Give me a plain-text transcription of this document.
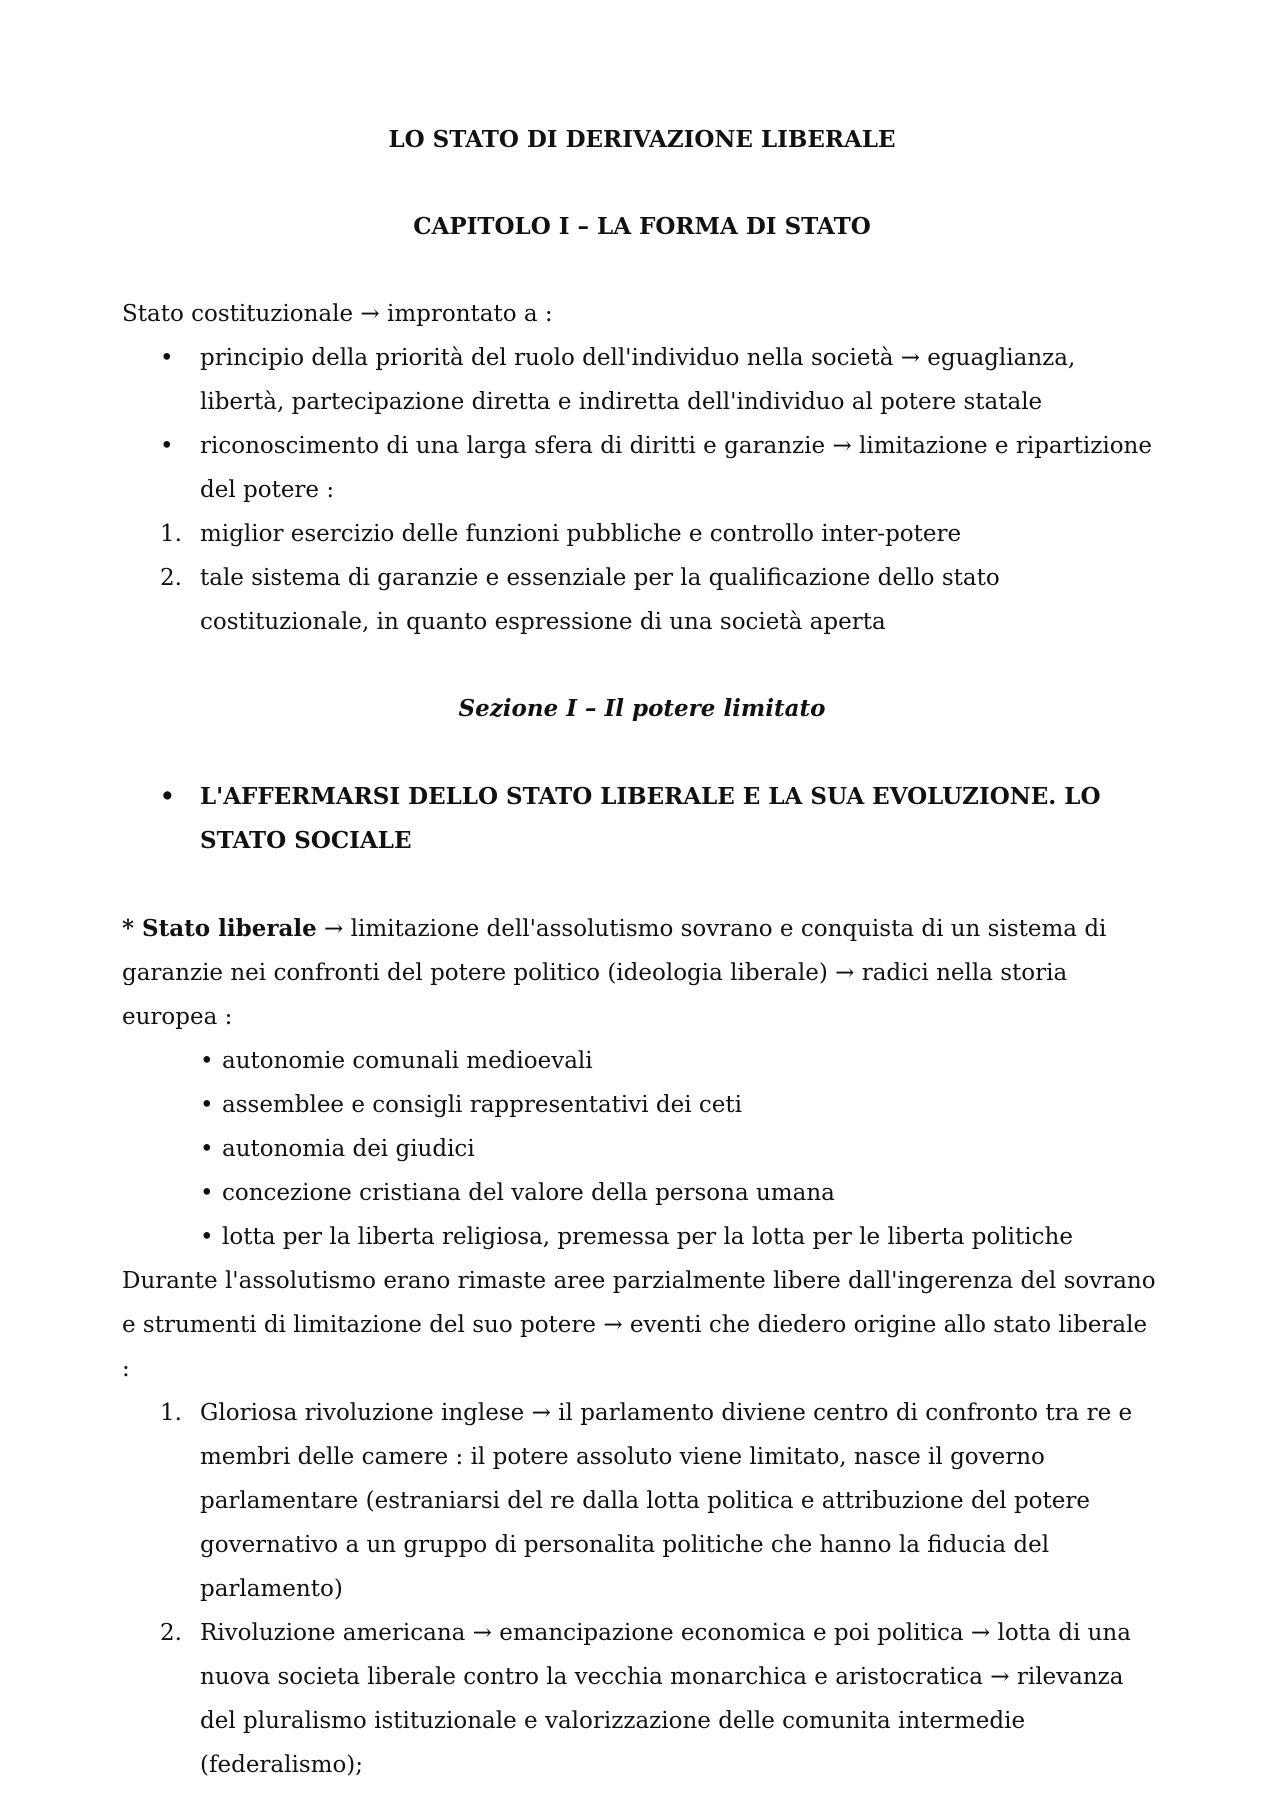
LO STATO DI DERIVAZIONE LIBERALE

CAPITOLO I – LA FORMA DI STATO

Stato costituzionale → improntato a :

• principio della priorità del ruolo dell'individuo nella società → eguaglianza, libertà, partecipazione diretta e indiretta dell'individuo al potere statale
• riconoscimento di una larga sfera di diritti e garanzie → limitazione e ripartizione del potere :
1. miglior esercizio delle funzioni pubbliche e controllo inter-potere
2. tale sistema di garanzie e essenziale per la qualificazione dello stato costituzionale, in quanto espressione di una società aperta

Sezione I – Il potere limitato

• L'AFFERMARSI DELLO STATO LIBERALE E LA SUA EVOLUZIONE. LO STATO SOCIALE

* Stato liberale → limitazione dell'assolutismo sovrano e conquista di un sistema di garanzie nei confronti del potere politico (ideologia liberale) → radici nella storia europea :

• autonomie comunali medioevali
• assemblee e consigli rappresentativi dei ceti
• autonomia dei giudici
• concezione cristiana del valore della persona umana
• lotta per la liberta religiosa, premessa per la lotta per le liberta politiche

Durante l'assolutismo erano rimaste aree parzialmente libere dall'ingerenza del sovrano e strumenti di limitazione del suo potere → eventi che diedero origine allo stato liberale :

1. Gloriosa rivoluzione inglese → il parlamento diviene centro di confronto tra re e membri delle camere : il potere assoluto viene limitato, nasce il governo parlamentare (estraniarsi del re dalla lotta politica e attribuzione del potere governativo a un gruppo di personalita politiche che hanno la fiducia del parlamento)
2. Rivoluzione americana → emancipazione economica e poi politica → lotta di una nuova societa liberale contro la vecchia monarchica e aristocratica → rilevanza del pluralismo istituzionale e valorizzazione delle comunita intermedie (federalismo);
